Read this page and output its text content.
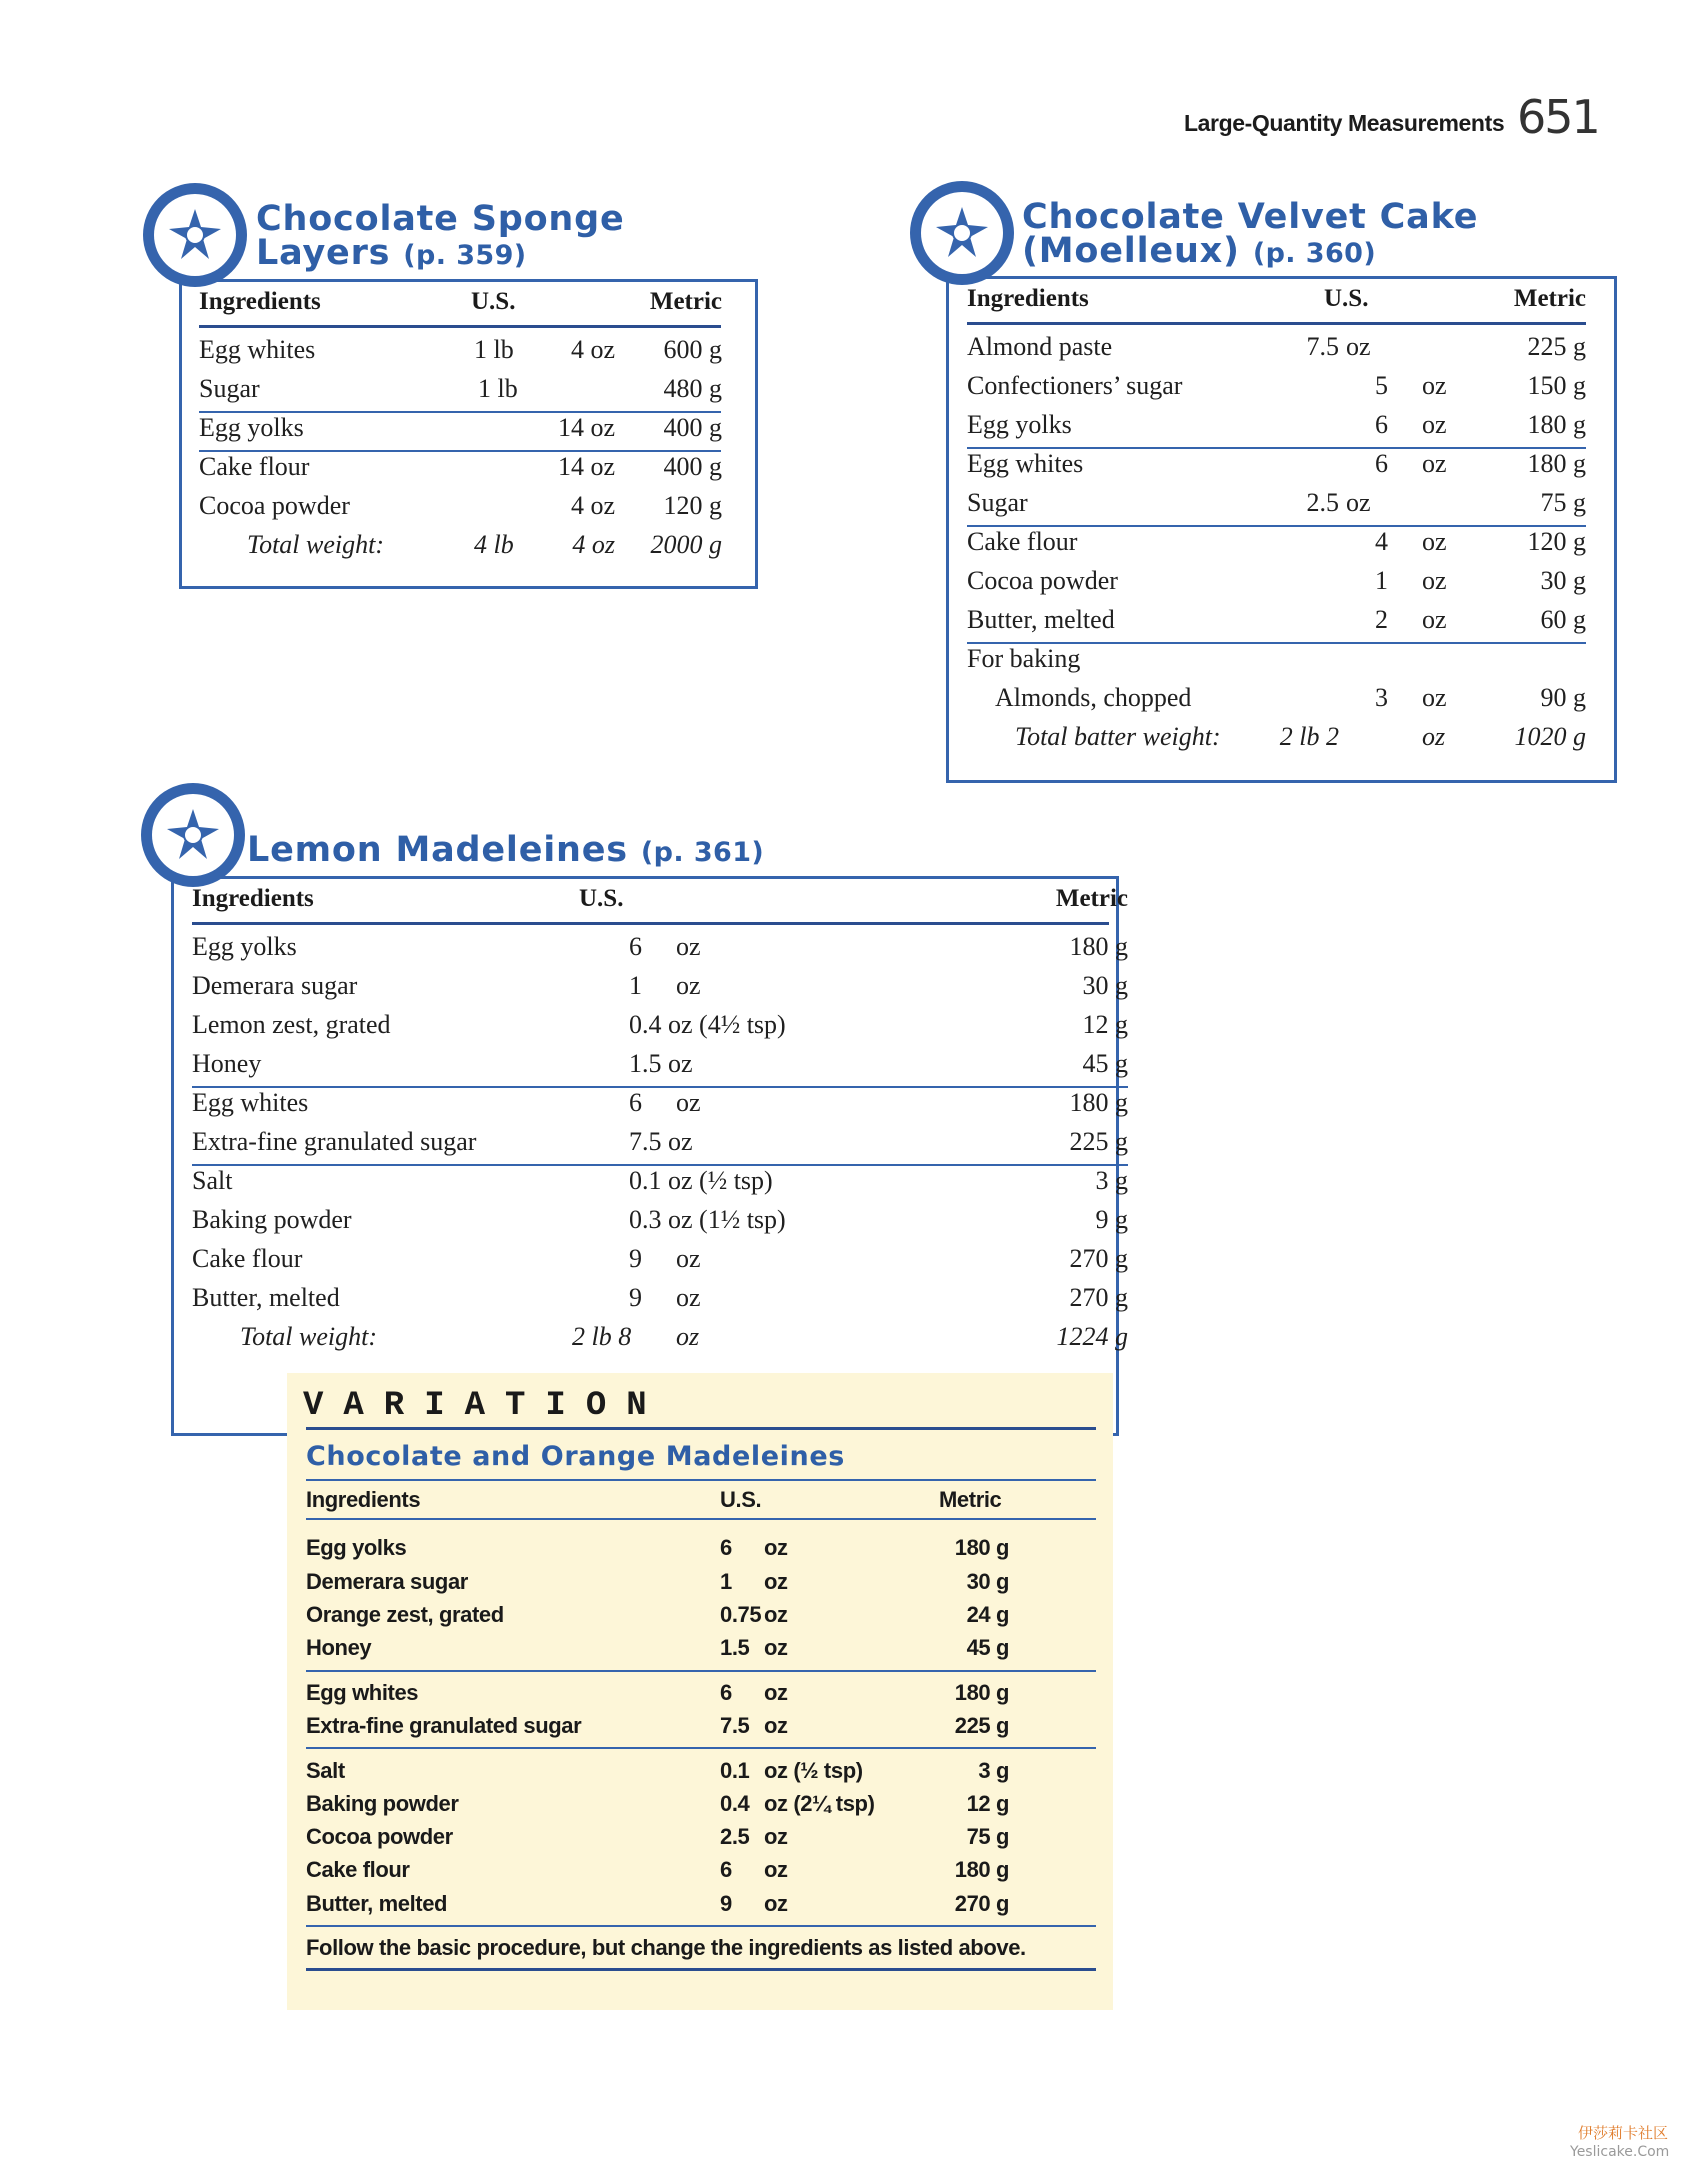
Large-Quantity Measurements 651
Chocolate Sponge
Layers (p. 359)
Ingredients	U.S.	Metric
Egg whites	1 lb	4 oz	600 g
Sugar	1 lb	480 g
Egg yolks	14 oz	400 g
Cake flour	14 oz	400 g
Cocoa powder	4 oz	120 g
Total weight:	4 lb	4 oz	2000 g
Chocolate Velvet Cake
(Moelleux) (p. 360)
Ingredients	U.S.	Metric
Almond paste	7.5 oz	225 g
Confectioners’ sugar	5 oz	150 g
Egg yolks	6 oz	180 g
Egg whites	6 oz	180 g
Sugar	2.5 oz	75 g
Cake flour	4 oz	120 g
Cocoa powder	1 oz	30 g
Butter, melted	2 oz	60 g
For baking
Almonds, chopped	3 oz	90 g
Total batter weight:	2 lb 2	oz	1020 g
Lemon Madeleines (p. 361)
Ingredients	U.S.	Metric
Egg yolks	6 oz	180 g
Demerara sugar	1 oz	30 g
Lemon zest, grated	0.4 oz (4½ tsp)	12 g
Honey	1.5 oz	45 g
Egg whites	6 oz	180 g
Extra-fine granulated sugar	7.5 oz	225 g
Salt	0.1 oz (½ tsp)	3 g
Baking powder	0.3 oz (1½ tsp)	9 g
Cake flour	9 oz	270 g
Butter, melted	9 oz	270 g
Total weight:	2 lb 8 oz	1224 g
VARIATION
Chocolate and Orange Madeleines
Ingredients	U.S.	Metric
Egg yolks	6 oz	180 g
Demerara sugar	1 oz	30 g
Orange zest, grated	0.75 oz	24 g
Honey	1.5 oz	45 g
Egg whites	6 oz	180 g
Extra-fine granulated sugar	7.5 oz	225 g
Salt	0.1 oz (½ tsp)	3 g
Baking powder	0.4 oz (2¼ tsp)	12 g
Cocoa powder	2.5 oz	75 g
Cake flour	6 oz	180 g
Butter, melted	9 oz	270 g
Follow the basic procedure, but change the ingredients as listed above.
伊莎莉卡社区
Yeslicake.Com
